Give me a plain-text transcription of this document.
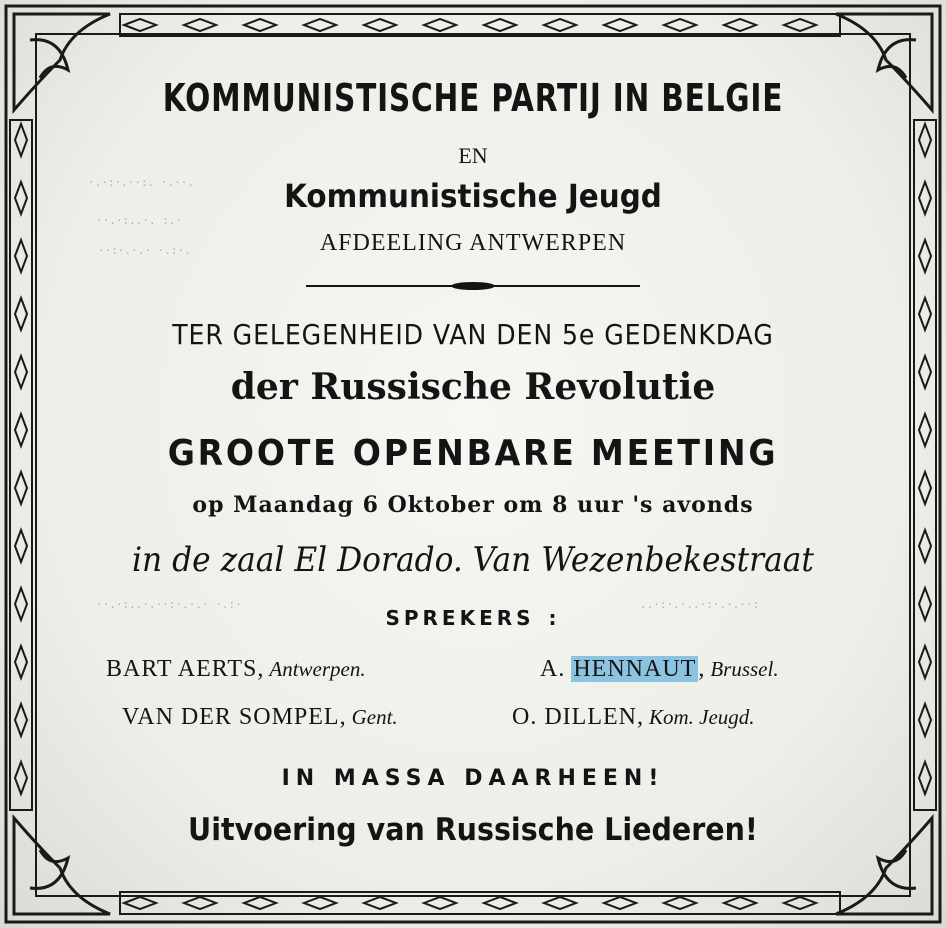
·.·:·.··:. ·.··.
··.·:..·. :.·
··:·.·.· ·.:·.
··.·:..·.··:·.·.· ·.:·	..·:·.·..·:·.·.··:
KOMMUNISTISCHE PARTIJ IN BELGIE
EN
Kommunistische Jeugd
AFDEELING ANTWERPEN
TER GELEGENHEID VAN DEN 5e GEDENKDAG
der Russische Revolutie
GROOTE OPENBARE MEETING
op Maandag 6 Oktober om 8 uur 's avonds
in de zaal El Dorado. Van Wezenbekestraat
SPREKERS :
BART AERTS, Antwerpen.	A. HENNAUT, Brussel.
VAN DER SOMPEL, Gent.	O. DILLEN, Kom. Jeugd.
IN MASSA DAARHEEN!
Uitvoering van Russische Liederen!
